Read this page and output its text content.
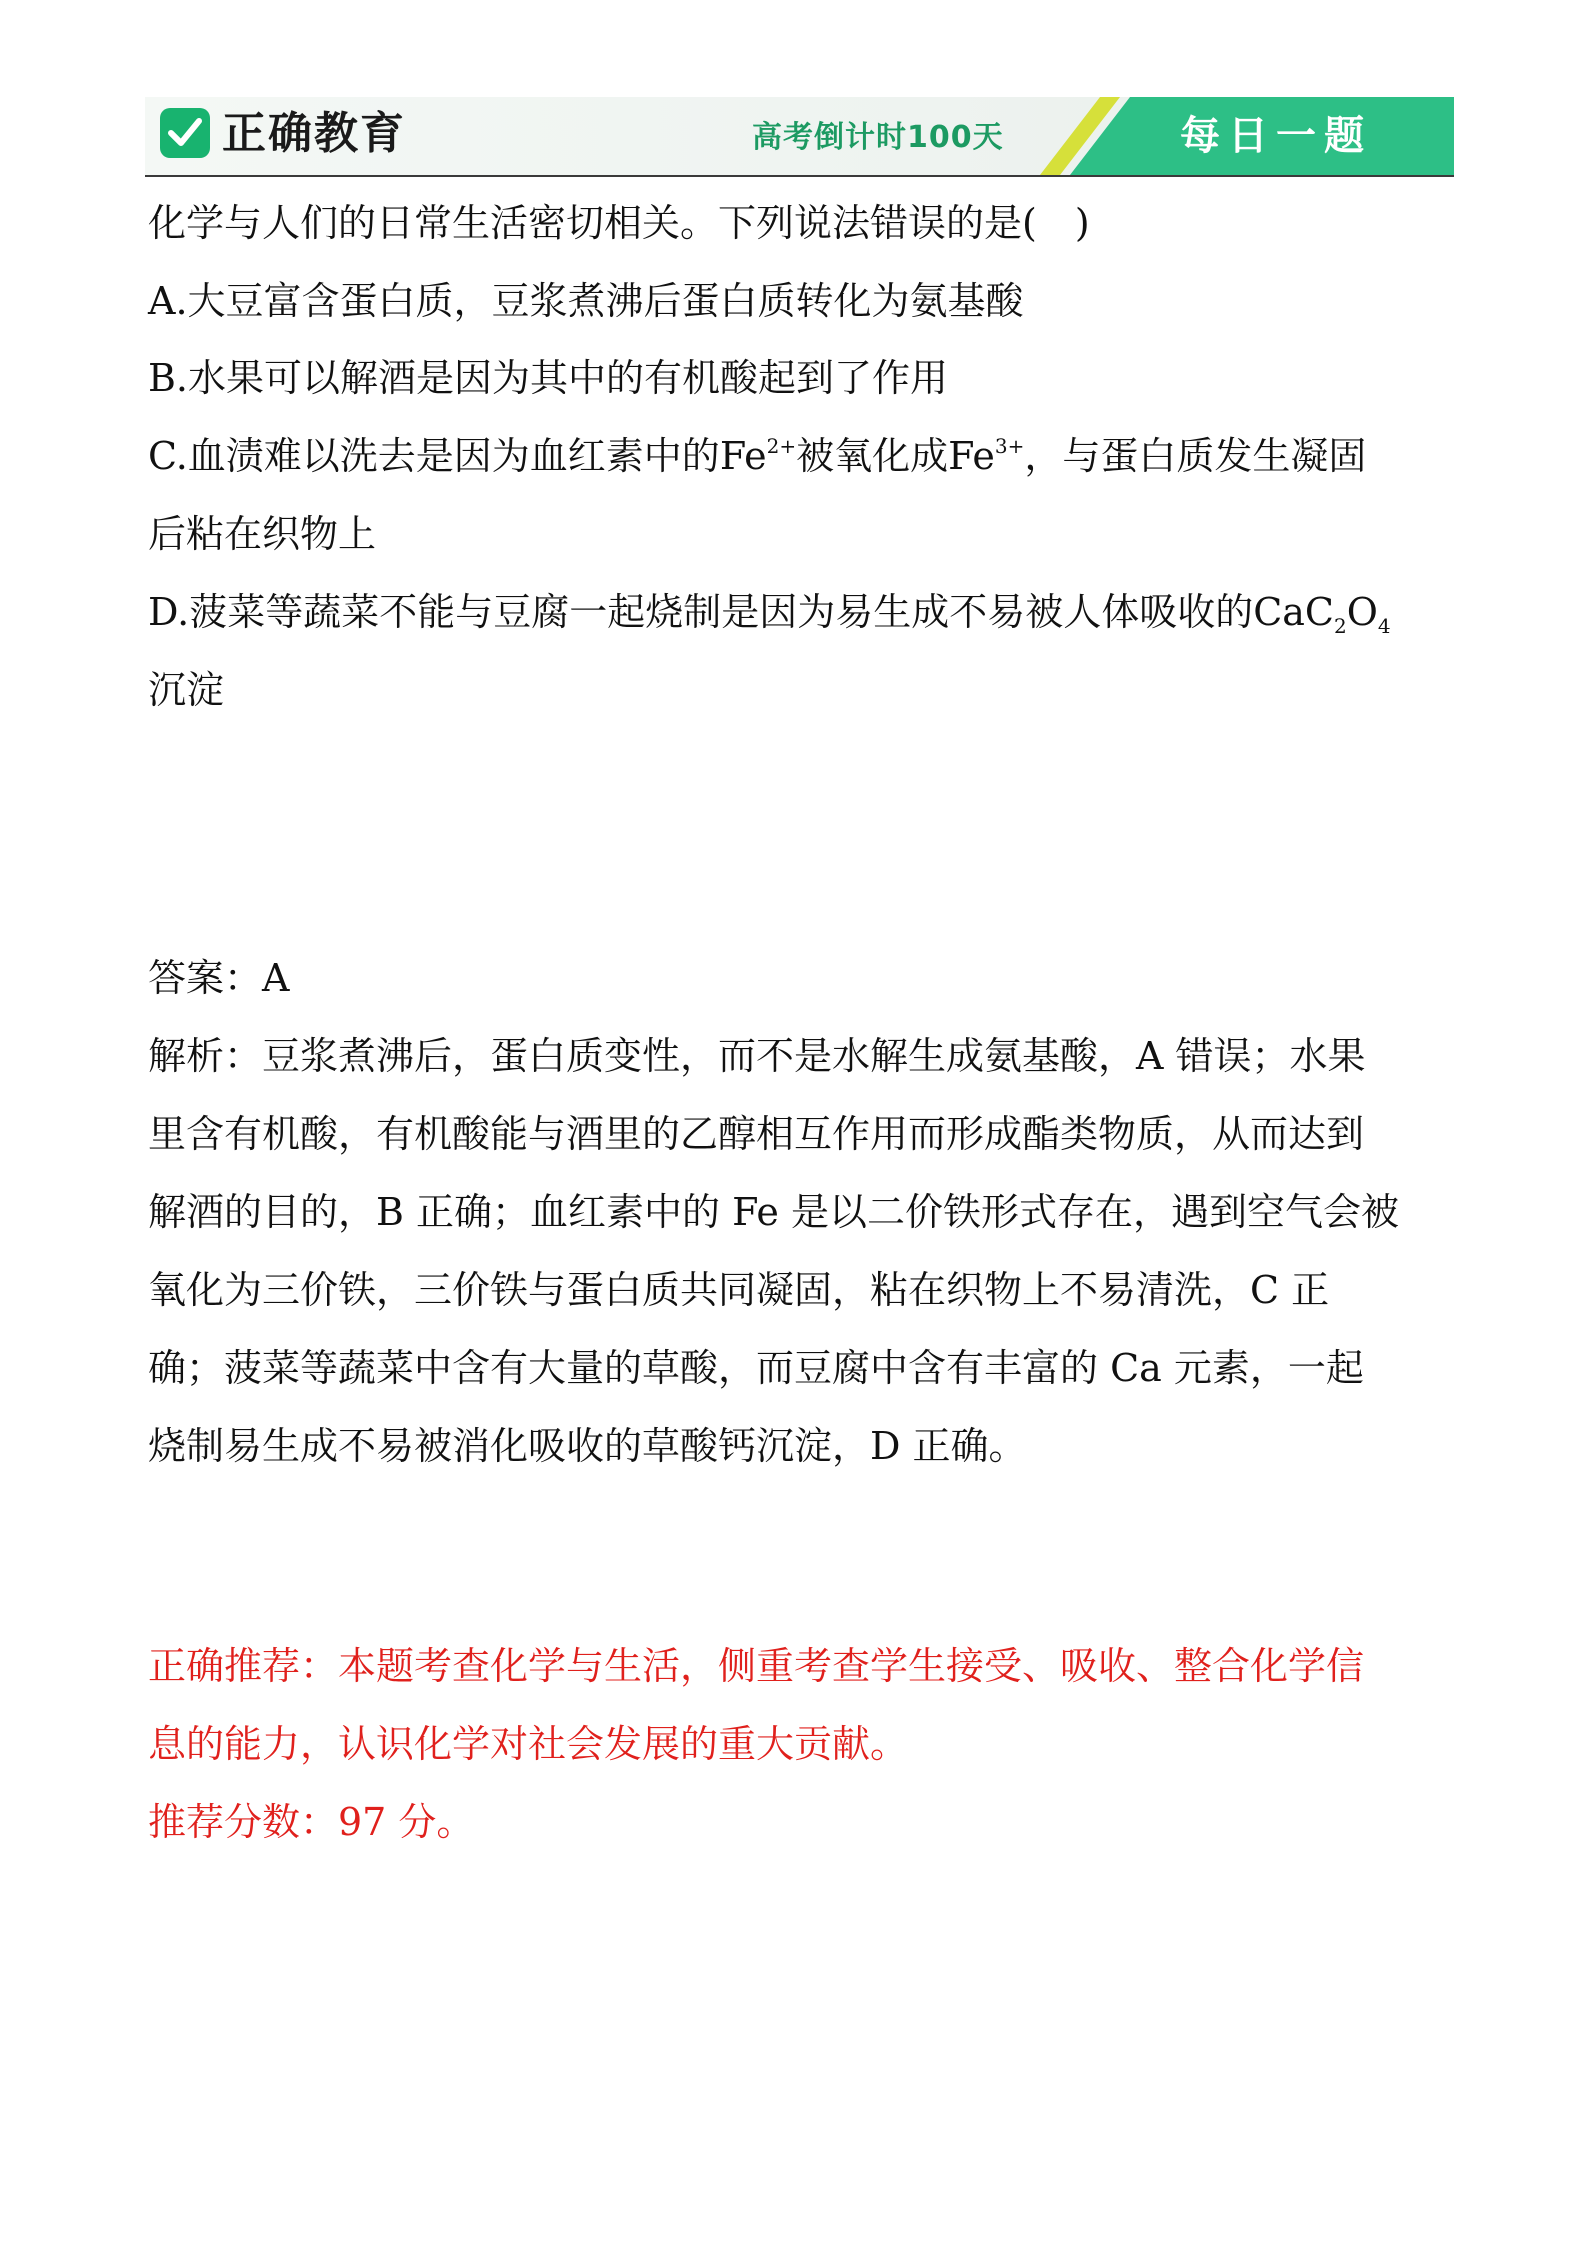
正确教育	高考倒计时100天	每日一题
化学与人们的日常生活密切相关。下列说法错误的是(　)
A.大豆富含蛋白质，豆浆煮沸后蛋白质转化为氨基酸
B.水果可以解酒是因为其中的有机酸起到了作用
C.血渍难以洗去是因为血红素中的$Fe^{2+}$被氧化成$Fe^{3+}$，与蛋白质发生凝固
后粘在织物上
D.菠菜等蔬菜不能与豆腐一起烧制是因为易生成不易被人体吸收的$CaC_2O_4$
沉淀
答案：A
解析：豆浆煮沸后，蛋白质变性，而不是水解生成氨基酸，A 错误；水果
里含有机酸，有机酸能与酒里的乙醇相互作用而形成酯类物质，从而达到
解酒的目的，B 正确；血红素中的 Fe 是以二价铁形式存在，遇到空气会被
氧化为三价铁，三价铁与蛋白质共同凝固，粘在织物上不易清洗，C 正
确；菠菜等蔬菜中含有大量的草酸，而豆腐中含有丰富的 Ca 元素，一起
烧制易生成不易被消化吸收的草酸钙沉淀，D 正确。
正确推荐：本题考查化学与生活，侧重考查学生接受、吸收、整合化学信
息的能力，认识化学对社会发展的重大贡献。
推荐分数：97 分。
